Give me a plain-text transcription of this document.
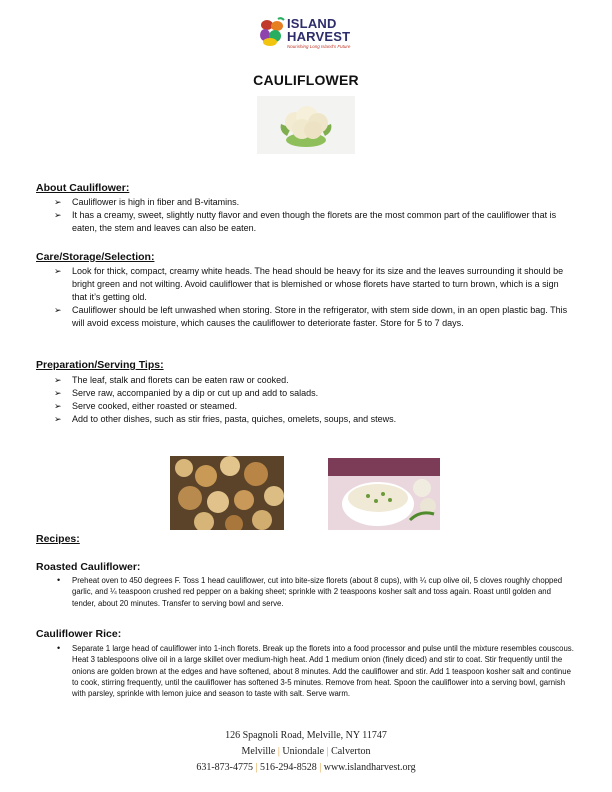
ISLAND
HARVEST
Nourishing Long Island's Future
CAULIFLOWER
About Cauliflower:
➢ Cauliflower is high in fiber and B-vitamins.
➢ It has a creamy, sweet, slightly nutty flavor and even though the florets are the most common part of the cauliflower that is eaten, the stem and leaves can also be eaten.
Care/Storage/Selection:
➢ Look for thick, compact, creamy white heads. The head should be heavy for its size and the leaves surrounding it should be bright green and not wilting. Avoid cauliflower that is blemished or whose florets have started to turn brown, which is a sign that it’s getting old.
➢ Cauliflower should be left unwashed when storing. Store in the refrigerator, with stem side down, in an open plastic bag. This will avoid excess moisture, which causes the cauliflower to deteriorate faster. Store for 5 to 7 days.
Preparation/Serving Tips:
➢ The leaf, stalk and florets can be eaten raw or cooked.
➢ Serve raw, accompanied by a dip or cut up and add to salads.
➢ Serve cooked, either roasted or steamed.
➢ Add to other dishes, such as stir fries, pasta, quiches, omelets, soups, and stews.
Recipes:
Roasted Cauliflower:
• Preheat oven to 450 degrees F. Toss 1 head cauliflower, cut into bite-size florets (about 8 cups), with ¼ cup olive oil, 5 cloves roughly chopped garlic, and ¼ teaspoon crushed red pepper on a baking sheet; sprinkle with 2 teaspoons kosher salt and toss again. Roast until golden and tender, about 20 minutes. Transfer to serving bowl and serve.
Cauliflower Rice:
• Separate 1 large head of cauliflower into 1-inch florets. Break up the florets into a food processor and pulse until the mixture resembles couscous. Heat 3 tablespoons olive oil in a large skillet over medium-high heat. Add 1 medium onion (finely diced) and stir to coat. Stir frequently until the onions are golden brown at the edges and have softened, about 8 minutes. Add the cauliflower and stir. Add 1 teaspoon kosher salt and continue to cook, stirring frequently, until the cauliflower has softened 3-5 minutes. Remove from heat. Spoon the cauliflower into a serving bowl, garnish with parsley, sprinkle with lemon juice and season to taste with salt. Serve warm.
126 Spagnoli Road, Melville, NY 11747
Melville | Uniondale | Calverton
631-873-4775 | 516-294-8528 | www.islandharvest.org
